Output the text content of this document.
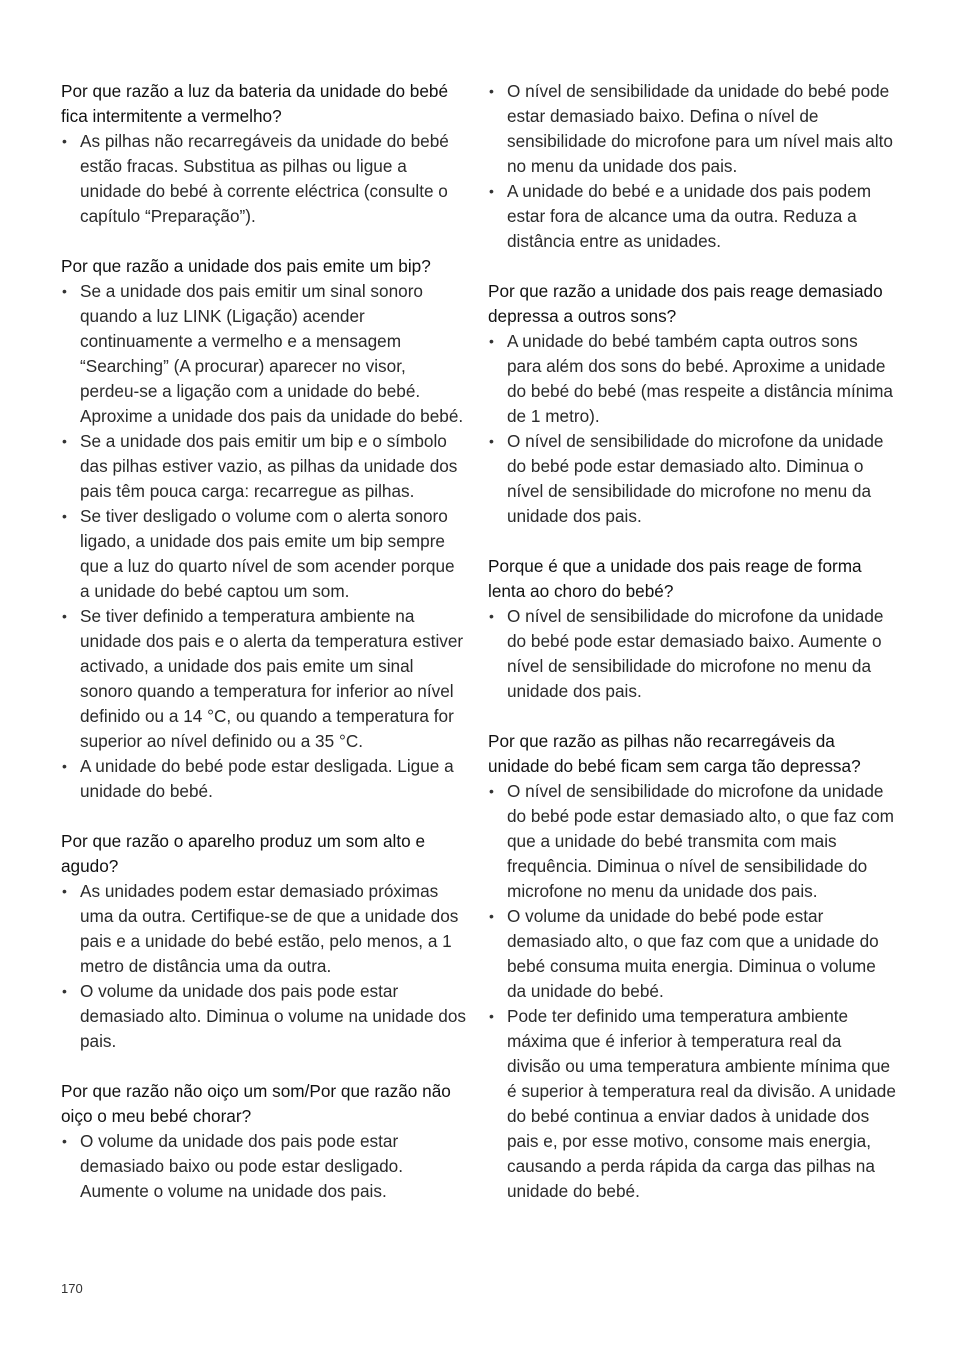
Por que razão a luz da bateria da unidade do bebé fica intermitente a vermelho?

• As pilhas não recarregáveis da unidade do bebé estão fracas. Substitua as pilhas ou ligue a unidade do bebé à corrente eléctrica (consulte o capítulo “Preparação”).

Por que razão a unidade dos pais emite um bip?

• Se a unidade dos pais emitir um sinal sonoro quando a luz LINK (Ligação) acender continuamente a vermelho e a mensagem “Searching” (A procurar) aparecer no visor, perdeu-se a ligação com a unidade do bebé. Aproxime a unidade dos pais da unidade do bebé.
• Se a unidade dos pais emitir um bip e o símbolo das pilhas estiver vazio, as pilhas da unidade dos pais têm pouca carga: recarregue as pilhas.
• Se tiver desligado o volume com o alerta sonoro ligado, a unidade dos pais emite um bip sempre que a luz do quarto nível de som acender porque a unidade do bebé captou um som.
• Se tiver definido a temperatura ambiente na unidade dos pais e o alerta da temperatura estiver activado, a unidade dos pais emite um sinal sonoro quando a temperatura for inferior ao nível definido ou a 14 °C, ou quando a temperatura for superior ao nível definido ou a 35 °C.
• A unidade do bebé pode estar desligada. Ligue a unidade do bebé.

Por que razão o aparelho produz um som alto e agudo?

• As unidades podem estar demasiado próximas uma da outra. Certifique-se de que a unidade dos pais e a unidade do bebé estão, pelo menos, a 1 metro de distância uma da outra.
• O volume da unidade dos pais pode estar demasiado alto. Diminua o volume na unidade dos pais.

Por que razão não oiço um som/Por que razão não oiço o meu bebé chorar?

• O volume da unidade dos pais pode estar demasiado baixo ou pode estar desligado. Aumente o volume na unidade dos pais.
• O nível de sensibilidade da unidade do bebé pode estar demasiado baixo. Defina o nível de sensibilidade do microfone para um nível mais alto no menu da unidade dos pais.
• A unidade do bebé e a unidade dos pais podem estar fora de alcance uma da outra. Reduza a distância entre as unidades.

Por que razão a unidade dos pais reage demasiado depressa a outros sons?

• A unidade do bebé também capta outros sons para além dos sons do bebé. Aproxime a unidade do bebé do bebé (mas respeite a distância mínima de 1 metro).
• O nível de sensibilidade do microfone da unidade do bebé pode estar demasiado alto. Diminua o nível de sensibilidade do microfone no menu da unidade dos pais.

Porque é que a unidade dos pais reage de forma lenta ao choro do bebé?

• O nível de sensibilidade do microfone da unidade do bebé pode estar demasiado baixo. Aumente o nível de sensibilidade do microfone no menu da unidade dos pais.

Por que razão as pilhas não recarregáveis da unidade do bebé ficam sem carga tão depressa?

• O nível de sensibilidade do microfone da unidade do bebé pode estar demasiado alto, o que faz com que a unidade do bebé transmita com mais frequência. Diminua o nível de sensibilidade do microfone no menu da unidade dos pais.
• O volume da unidade do bebé pode estar demasiado alto, o que faz com que a unidade do bebé consuma muita energia. Diminua o volume da unidade do bebé.
• Pode ter definido uma temperatura ambiente máxima que é inferior à temperatura real da divisão ou uma temperatura ambiente mínima que é superior à temperatura real da divisão. A unidade do bebé continua a enviar dados à unidade dos pais e, por esse motivo, consome mais energia, causando a perda rápida da carga das pilhas na unidade do bebé.
170
